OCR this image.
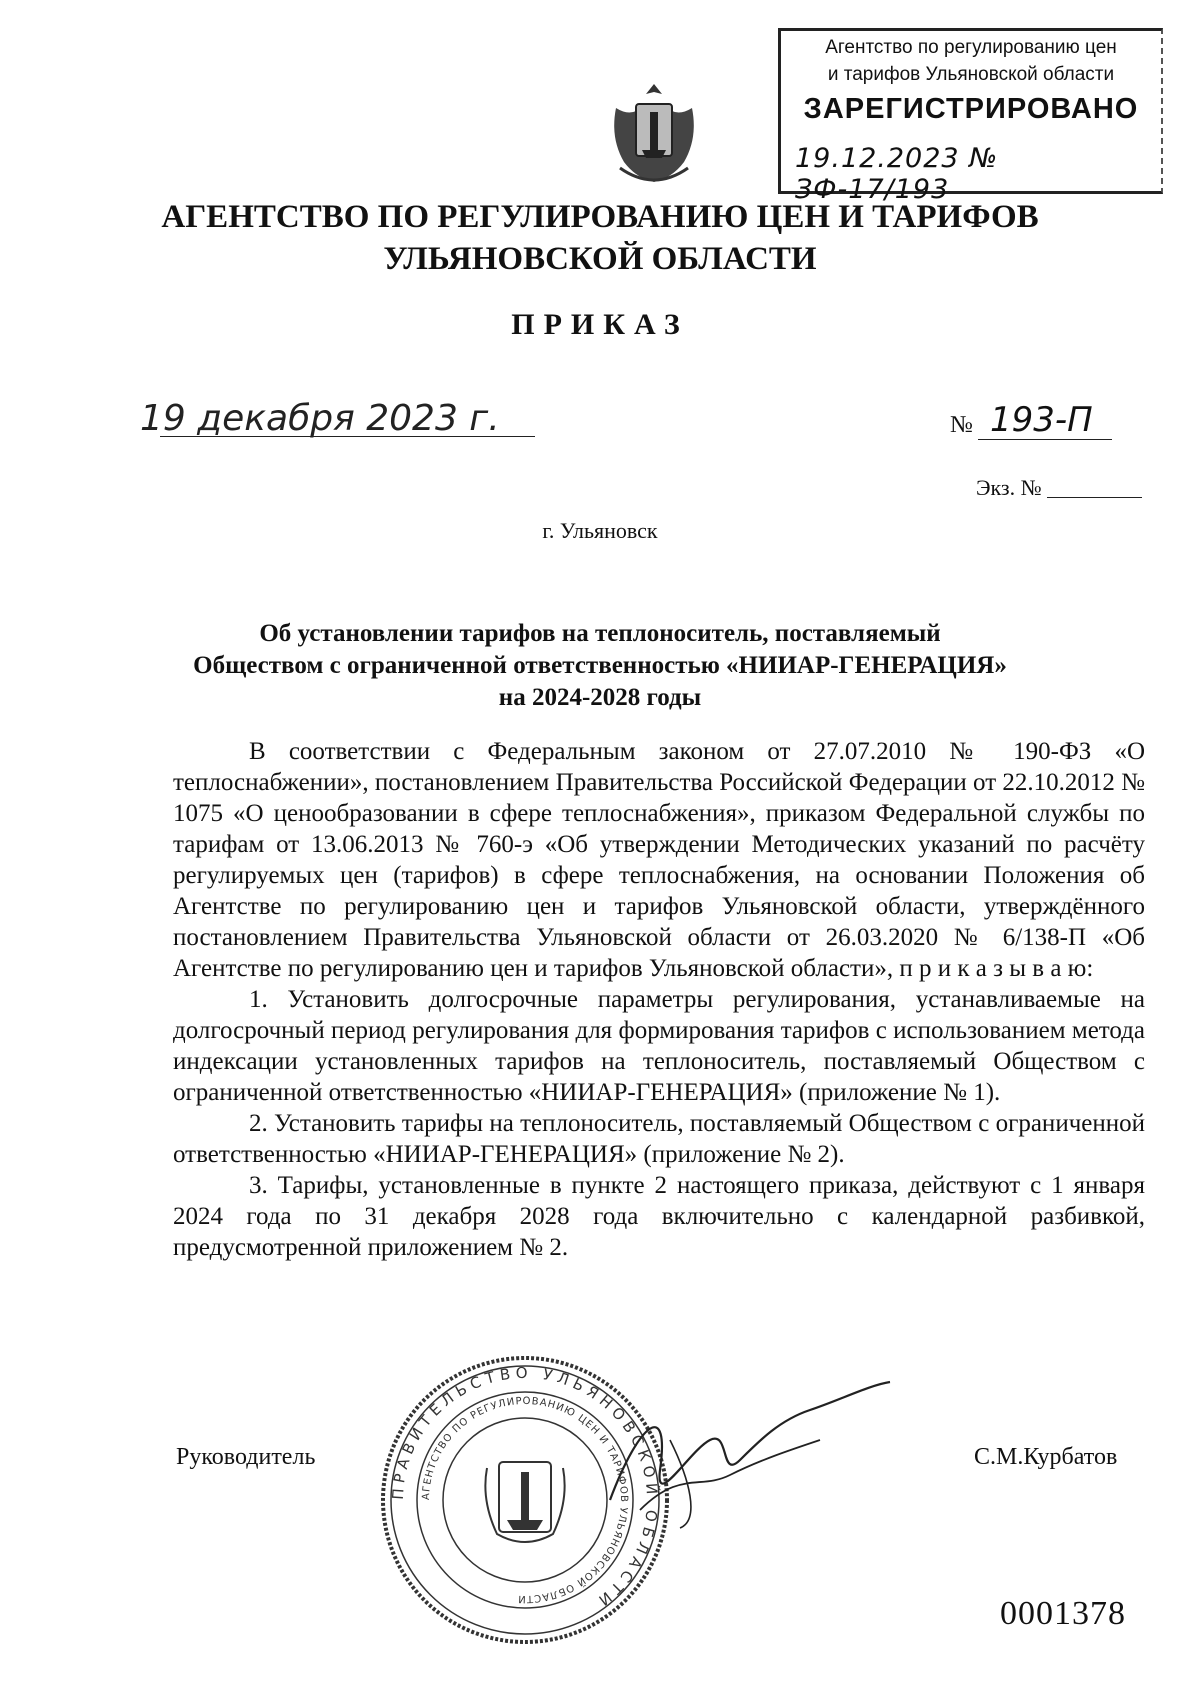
Агентство по регулированию цен
и тарифов Ульяновской области
ЗАРЕГИСТРИРОВАНО
19.12.2023 № ЗФ-17/193
АГЕНТСТВО ПО РЕГУЛИРОВАНИЮ ЦЕН И ТАРИФОВ
УЛЬЯНОВСКОЙ ОБЛАСТИ
ПРИКАЗ
19 декабря 2023 г.	№ 193-П
Экз. №
г. Ульяновск
Об установлении тарифов на теплоноситель, поставляемый
Обществом с ограниченной ответственностью «НИИАР-ГЕНЕРАЦИЯ»
на 2024-2028 годы

В соответствии с Федеральным законом от 27.07.2010 № 190-ФЗ «О теплоснабжении», постановлением Правительства Российской Федерации от 22.10.2012 № 1075 «О ценообразовании в сфере теплоснабжения», приказом Федеральной службы по тарифам от 13.06.2013 № 760-э «Об утверждении Методических указаний по расчёту регулируемых цен (тарифов) в сфере теплоснабжения, на основании Положения об Агентстве по регулированию цен и тарифов Ульяновской области, утверждённого постановлением Правительства Ульяновской области от 26.03.2020 № 6/138-П «Об Агентстве по регулированию цен и тарифов Ульяновской области», п р и к а з ы в а ю:

1. Установить долгосрочные параметры регулирования, устанавливаемые на долгосрочный период регулирования для формирования тарифов с использованием метода индексации установленных тарифов на теплоноситель, поставляемый Обществом с ограниченной ответственностью «НИИАР-ГЕНЕРАЦИЯ» (приложение № 1).

2. Установить тарифы на теплоноситель, поставляемый Обществом с ограниченной ответственностью «НИИАР-ГЕНЕРАЦИЯ» (приложение № 2).

3. Тарифы, установленные в пункте 2 настоящего приказа, действуют с 1 января 2024 года по 31 декабря 2028 года включительно с календарной разбивкой, предусмотренной приложением № 2.

ПРАВИТЕЛЬСТВО УЛЬЯНОВСКОЙ ОБЛАСТИ
АГЕНТСТВО ПО РЕГУЛИРОВАНИЮ ЦЕН И ТАРИФОВ УЛЬЯНОВСКОЙ ОБЛАСТИ
Руководитель	С.М.Курбатов
0001378
